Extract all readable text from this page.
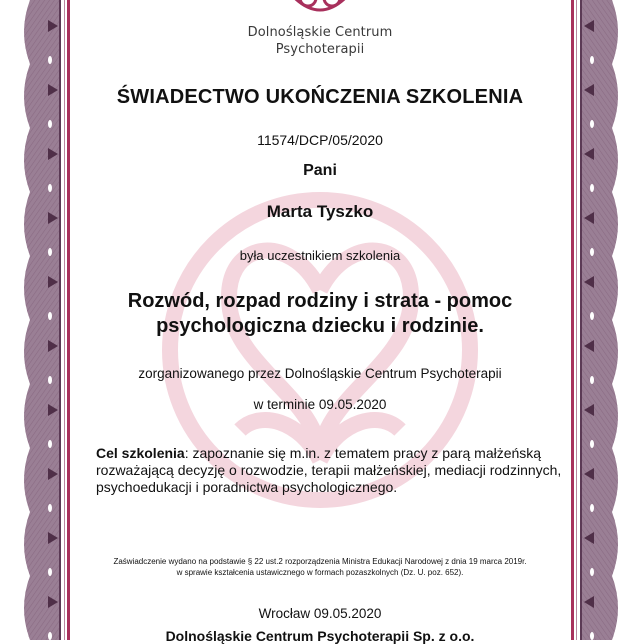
Dolnośląskie Centrum
Psychoterapii
ŚWIADECTWO UKOŃCZENIA SZKOLENIA
11574/DCP/05/2020
Pani
Marta Tyszko
była uczestnikiem szkolenia
Rozwód, rozpad rodziny i strata - pomoc
psychologiczna dziecku i rodzinie.
zorganizowanego przez Dolnośląskie Centrum Psychoterapii
w terminie 09.05.2020
Cel szkolenia: zapoznanie się m.in. z tematem pracy z parą małżeńską rozważającą decyzję o rozwodzie, terapii małżeńskiej, mediacji rodzinnych, psychoedukacji i poradnictwa psychologicznego.
Zaświadczenie wydano na podstawie § 22 ust.2 rozporządzenia Ministra Edukacji Narodowej z dnia 19 marca 2019r.
w sprawie kształcenia ustawicznego w formach pozaszkolnych (Dz. U. poz. 652).
Wrocław 09.05.2020
Dolnośląskie Centrum Psychoterapii Sp. z o.o.
